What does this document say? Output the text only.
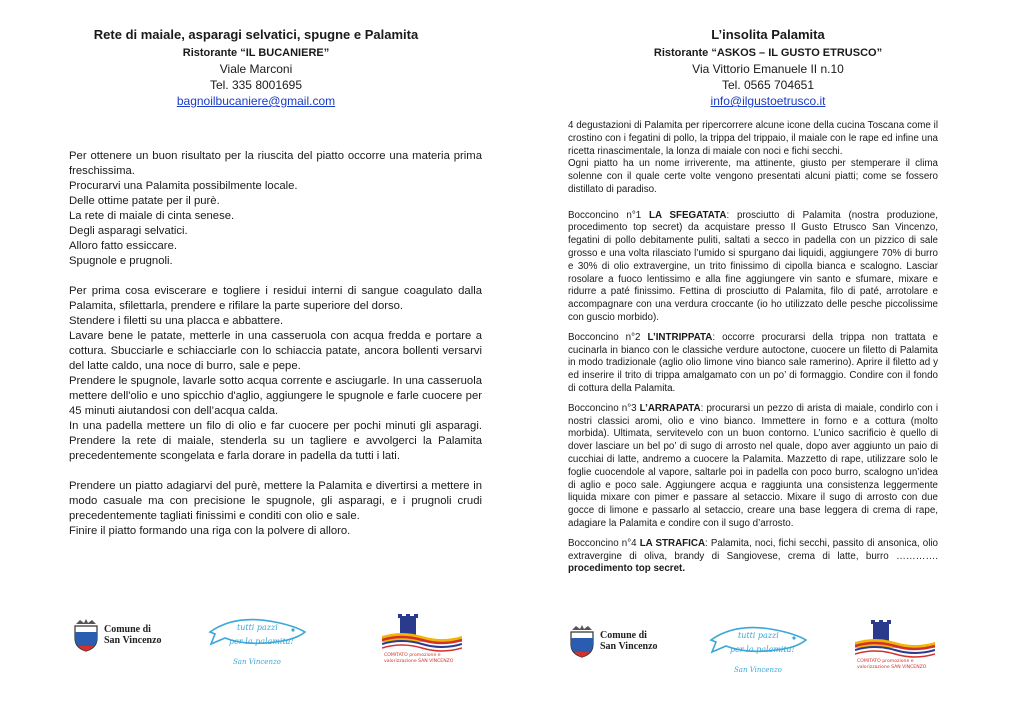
Rete di maiale, asparagi selvatici, spugne e Palamita
Ristorante “IL BUCANIERE”
Viale Marconi
Tel. 335 8001695
bagnoilbucaniere@gmail.com

Per ottenere un buon risultato per la riuscita del piatto occorre una materia prima freschissima.

Procurarvi una Palamita possibilmente locale.

Delle ottime patate per il purè.

La rete di maiale di cinta senese.

Degli asparagi selvatici.

Alloro fatto essiccare.

Spugnole e prugnoli.

Per prima cosa eviscerare e togliere i residui interni di sangue coagulato dalla Palamita, sfilettarla, prendere e rifilare la parte superiore del dorso.

Stendere i filetti su una placca e abbattere.

Lavare bene le patate, metterle in una casseruola con acqua fredda e portare a cottura. Sbucciarle e schiacciarle con lo schiaccia patate, ancora bollenti versarvi del latte caldo, una noce di burro, sale e pepe.

Prendere le spugnole, lavarle sotto acqua corrente e asciugarle. In una casseruola mettere dell'olio e uno spicchio d'aglio, aggiungere le spugnole e farle cuocere per 45 minuti aiutandosi con dell’acqua calda.

In una padella mettere un filo di olio e far cuocere per pochi minuti gli asparagi. Prendere la rete di maiale, stenderla su un tagliere e avvolgerci la Palamita precedentemente scongelata e farla dorare in padella da tutti i lati.

Prendere un piatto adagiarvi del purè, mettere la Palamita e divertirsi a mettere in modo casuale ma con precisione le spugnole, gli asparagi, e i prugnoli crudi precedentemente tagliati finissimi e conditi con olio e sale.

Finire il piatto formando una riga con la polvere di alloro.

L’insolita Palamita
Ristorante “ASKOS – IL GUSTO ETRUSCO”
Via Vittorio Emanuele II n.10
Tel. 0565 704651
info@ilgustoetrusco.it

4 degustazioni di Palamita per ripercorrere alcune icone della cucina Toscana come il crostino con i fegatini di pollo, la trippa del trippaio, il maiale con le rape ed infine una ricetta rinascimentale, la lonza di maiale con noci e fichi secchi.

Ogni piatto ha un nome irriverente, ma attinente, giusto per stemperare il clima solenne con il quale certe volte vengono presentati alcuni piatti; come se fossero distillato di paradiso.

Bocconcino n°1 LA SFEGATATA: prosciutto di Palamita (nostra produzione, procedimento top secret) da acquistare presso Il Gusto Etrusco San Vincenzo, fegatini di pollo debitamente puliti, saltati a secco in padella con un pizzico di sale grosso e una volta rilasciato l’umido si spurgano dai liquidi, aggiungere 70% di burro e 30% di olio extravergine, un trito finissimo di cipolla bianca e scalogno. Lasciar rosolare a fuoco lentissimo e alla fine aggiungere vin santo e sfumare, mixare e ridurre a paté finissimo. Fettina di prosciutto di Palamita, filo di paté, arrotolare e accompagnare con una verdura croccante (io ho utilizzato delle pesche piccolissime con guscio morbido).

Bocconcino n°2 L’INTRIPPATA: occorre procurarsi della trippa non trattata e cucinarla in bianco con le classiche verdure autoctone, cuocere un filetto di Palamita in modo tradizionale (aglio olio limone vino bianco sale ramerino). Aprire il filetto ad y ed inserire il trito di trippa amalgamato con un po’ di formaggio. Condire con il fondo di cottura della Palamita.

Bocconcino n°3 L’ARRAPATA: procurarsi un pezzo di arista di maiale, condirlo con i nostri classici aromi, olio e vino bianco. Immettere in forno e a cottura (molto morbida). Ultimata, servitevelo con un buon contorno. L’unico sacrificio è quello di dover lasciare un bel po’ di sugo di arrosto nel quale, dopo aver aggiunto un paio di cucchiai di latte, andremo a cuocere la Palamita. Mazzetto di rape, utilizzare solo le foglie cuocendole al vapore, saltarle poi in padella con poco burro, scalogno un’idea di aglio e poco sale. Aggiungere acqua e raggiunta una consistenza leggermente liquida mixare con pimer e passare al setaccio. Mixare il sugo di arrosto con due gocce di limone e passarlo al setaccio, creare una base leggera di crema di rape, adagiare la Palamita e condire con il sugo d’arrosto.

Bocconcino n°4 LA STRAFICA: Palamita, noci, fichi secchi, passito di ansonica, olio extravergine di oliva, brandy di Sangiovese, crema di latte, burro …………. procedimento top secret.

Comune di
San Vincenzo
tutti pazzi
per la palamita!
San Vincenzo
COMITATO promozione e
valorizzazione SAN VINCENZO
Comune di
San Vincenzo
tutti pazzi
per la palamita!
San Vincenzo
COMITATO promozione e
valorizzazione SAN VINCENZO
